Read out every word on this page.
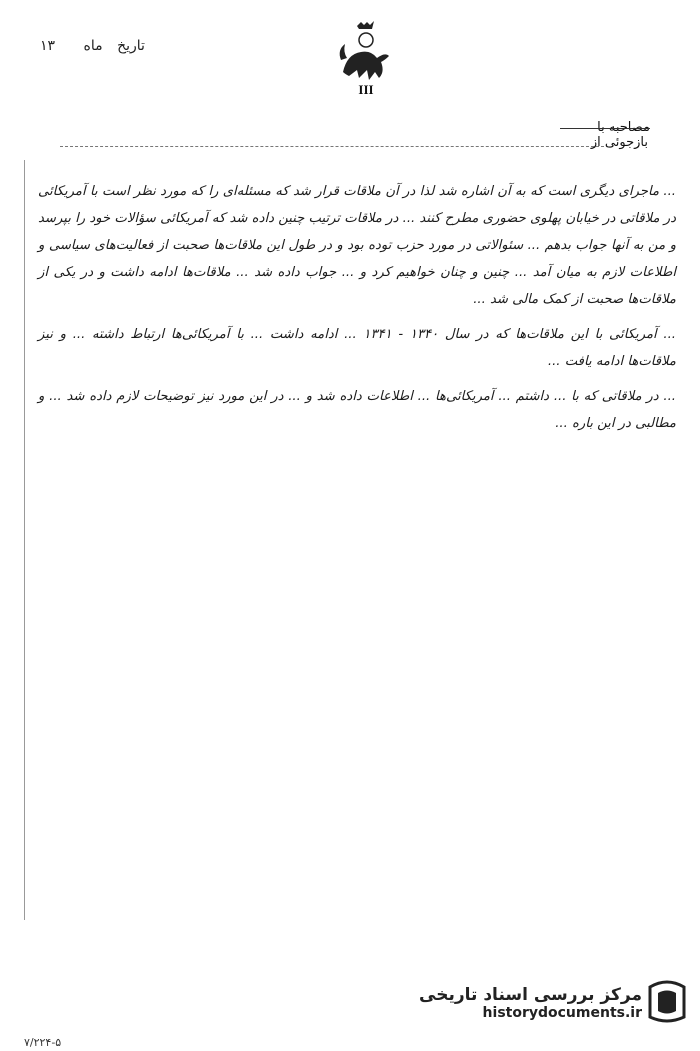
تاریخ ماه ۱۳
III
مصاحبه با
بازجوئی از

... ماجرای دیگری است که به آن اشاره شد لذا در آن ملاقات قرار شد که مسئله‌ای را که مورد نظر است با آمریکائی در ملاقاتی در خیابان پهلوی حضوری مطرح کنند ... در ملاقات ترتیب چنین داده شد که آمریکائی سؤالات خود را بپرسد و من به آنها جواب بدهم ... سئوالاتی در مورد حزب توده بود و در طول این ملاقات‌ها صحبت از فعالیت‌های سیاسی و اطلاعات لازم به میان آمد ... چنین و چنان خواهیم کرد و ... جواب داده شد ... ملاقات‌ها ادامه داشت و در یکی از ملاقات‌ها صحبت از کمک مالی شد ...

... آمریکائی با این ملاقات‌ها که در سال ۱۳۴۰ - ۱۳۴۱ ... ادامه داشت ... با آمریکائی‌ها ارتباط داشته ... و نیز ملاقات‌ها ادامه یافت ...

... در ملاقاتی که با ... داشتم ... آمریکائی‌ها ... اطلاعات داده شد و ... در این مورد نیز توضیحات لازم داده شد ... و مطالبی در این باره ...

مرکز بررسی اسناد تاریخی
historydocuments.ir
۷/۲۲۴-۵
